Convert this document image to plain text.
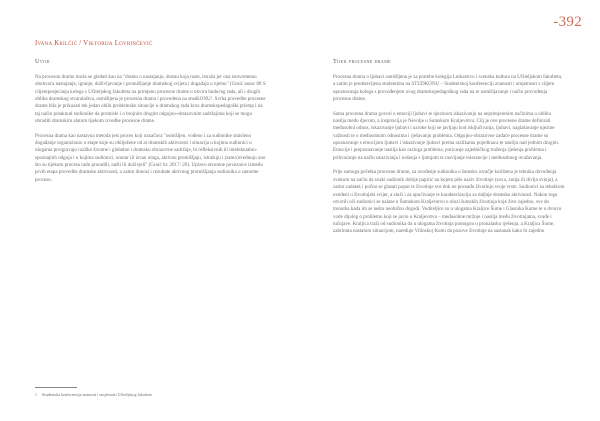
-392
Ivana Krilčić / Viktorija Lovrinčević
Uvod

Na procesnu dramu može se gledati kao na "dramu u nastajanju, dramu koja raste, istraža jer ona istovremeno obuhvaća nastajanje, igranje, doživljavanje i promišljanje dramskog svijeta i događaja u njemu" (Gruić assoc 08 S ciljemposjećanja kolega s Učiteljskog fakulteta na primjenu procesne drame u okviru budućeg rada, ali i drugih oblika dramskog stvaralaštva, osmišljena je procesna drama i provedena na stusKONU¹. Svrha provedbe procesne drame bila je prikazati tek jedan oblik problemske situacije u dramskog rada kroz dramskopedagoški pristup i na taj način potaknuti sudionike da promisle i o brojnim drugim odgojno-obrazovnim sadržajima koji se mogu obraditi dramskim alatom tijekom izvedbe procesne drame.

Procesna drama kao nastavna metoda jest proces koji označava "osmišljen, vođeno i za sudionike smisleno događanje organizirano u etape koje su obilježene od al dramskih aktivnosti i situacija u kojima sudionici u ulogama proigravaju razlike životne i globalne i dramsko obrazovne sadržaje, bi refleksivnih ili intelektualno-spoznajnih odgoja i u kojima sudionici, unutar ili izvan uloga, aktivno promišljaju, istražuju i (samo)vrednuju ono što su tijekom procesa radu proradili, našli ili doživjeli" (Gruić br. 2017: 20). Upravo stvorene poveznice između prvih etapa provedbe dramske aktivnosti, a zatim donosi i rezultate aktivnog promišljanja sudionika o samome procesu.

Tijek procesne drame

Procesna drama o ljubavi osmišljena je za potrebe kolegija Lutkarstvo i scenska kultura na Učiteljskom fakultetu, a zatim je predstavljena studentima na STUDKONU – Studentskoj konferenciji znanosti i umjetnosti s ciljem upoznavanja kolega s provođenjem ovog dramskopedagoškog rada na te osmišljavanje i način provođenja procesne drame.

Sama procesna drama govori o emociji ljubavi te njezinom iskazivanju na neprimjerenim načinima u obliku nasilja među djecom, a inspiracija je Nevolje u Sumskom Kraljevstvu. Cilj je ove procesne drame definirati međusobni odnos, iskazivanje ljubavi i uzroke koji se javljaju kod isključivanja, ljubavi, naglašavanje njezine važnosti te o međusobnim odnosima i rješavanju problema. Odgojno-obrazovne zadaće procesne drame su upoznavanje s emocijom ljubavi i iskazivanje ljubavi prema razlikama pojedinaca te nasilju nad jednim drugim. Emocije i prepoznavanje nasilja kao razloga problema, poticanje zajedničkog traženja rješenja problema i prihvaćanje na način ukazivanja i nošenja s ljutnjom te razvijanje tolerancije i međusobnog uvažavanja.

Prije samoga početka procesne drame, za uvođenje sudionika u šumsko ozračje korištena je tehnika dovođenja zvukom na način da svaki sudionik dobije papirić na kojem piše naziv životinje (sova, zmija ili divlja svinja), a zatim zadatak i počnu se glasati poput te životinje sve dok ne pronađu životinju svoje vrste. Sudionici su tehnikom uvedeni u životinjski svijet, a služi i za upućivanje te karakterizaciju za daljnje dramske aktivnosti. Nakon toga otvorili oči sudionici se nalaze u Šumskom Kraljevstvu u ulozi šumskih životinja koje žive zajedno, sve do trenutka kada im se nešto neobično dogodi. Voditeljice su u ulogama Kraljice Šume i Glasnika Kume te u dvorcu vode dijalog o problemu koji se javio u Kraljevstvu – međusobne mržnje i nasilja među životinjama, svađe i tučnjave. Kraljica traži od sudionika da u ulogama životinja pomognu u pronalasku rješenja, a Kraljica Šume, zabrinuta nastalom situacijom, naređuje Vilinskoj Kumi da pozove životinje na sastanak kako bi zajedno

1 Studentska konferencija znanosti i umjetnosti Učiteljskog fakulteta
